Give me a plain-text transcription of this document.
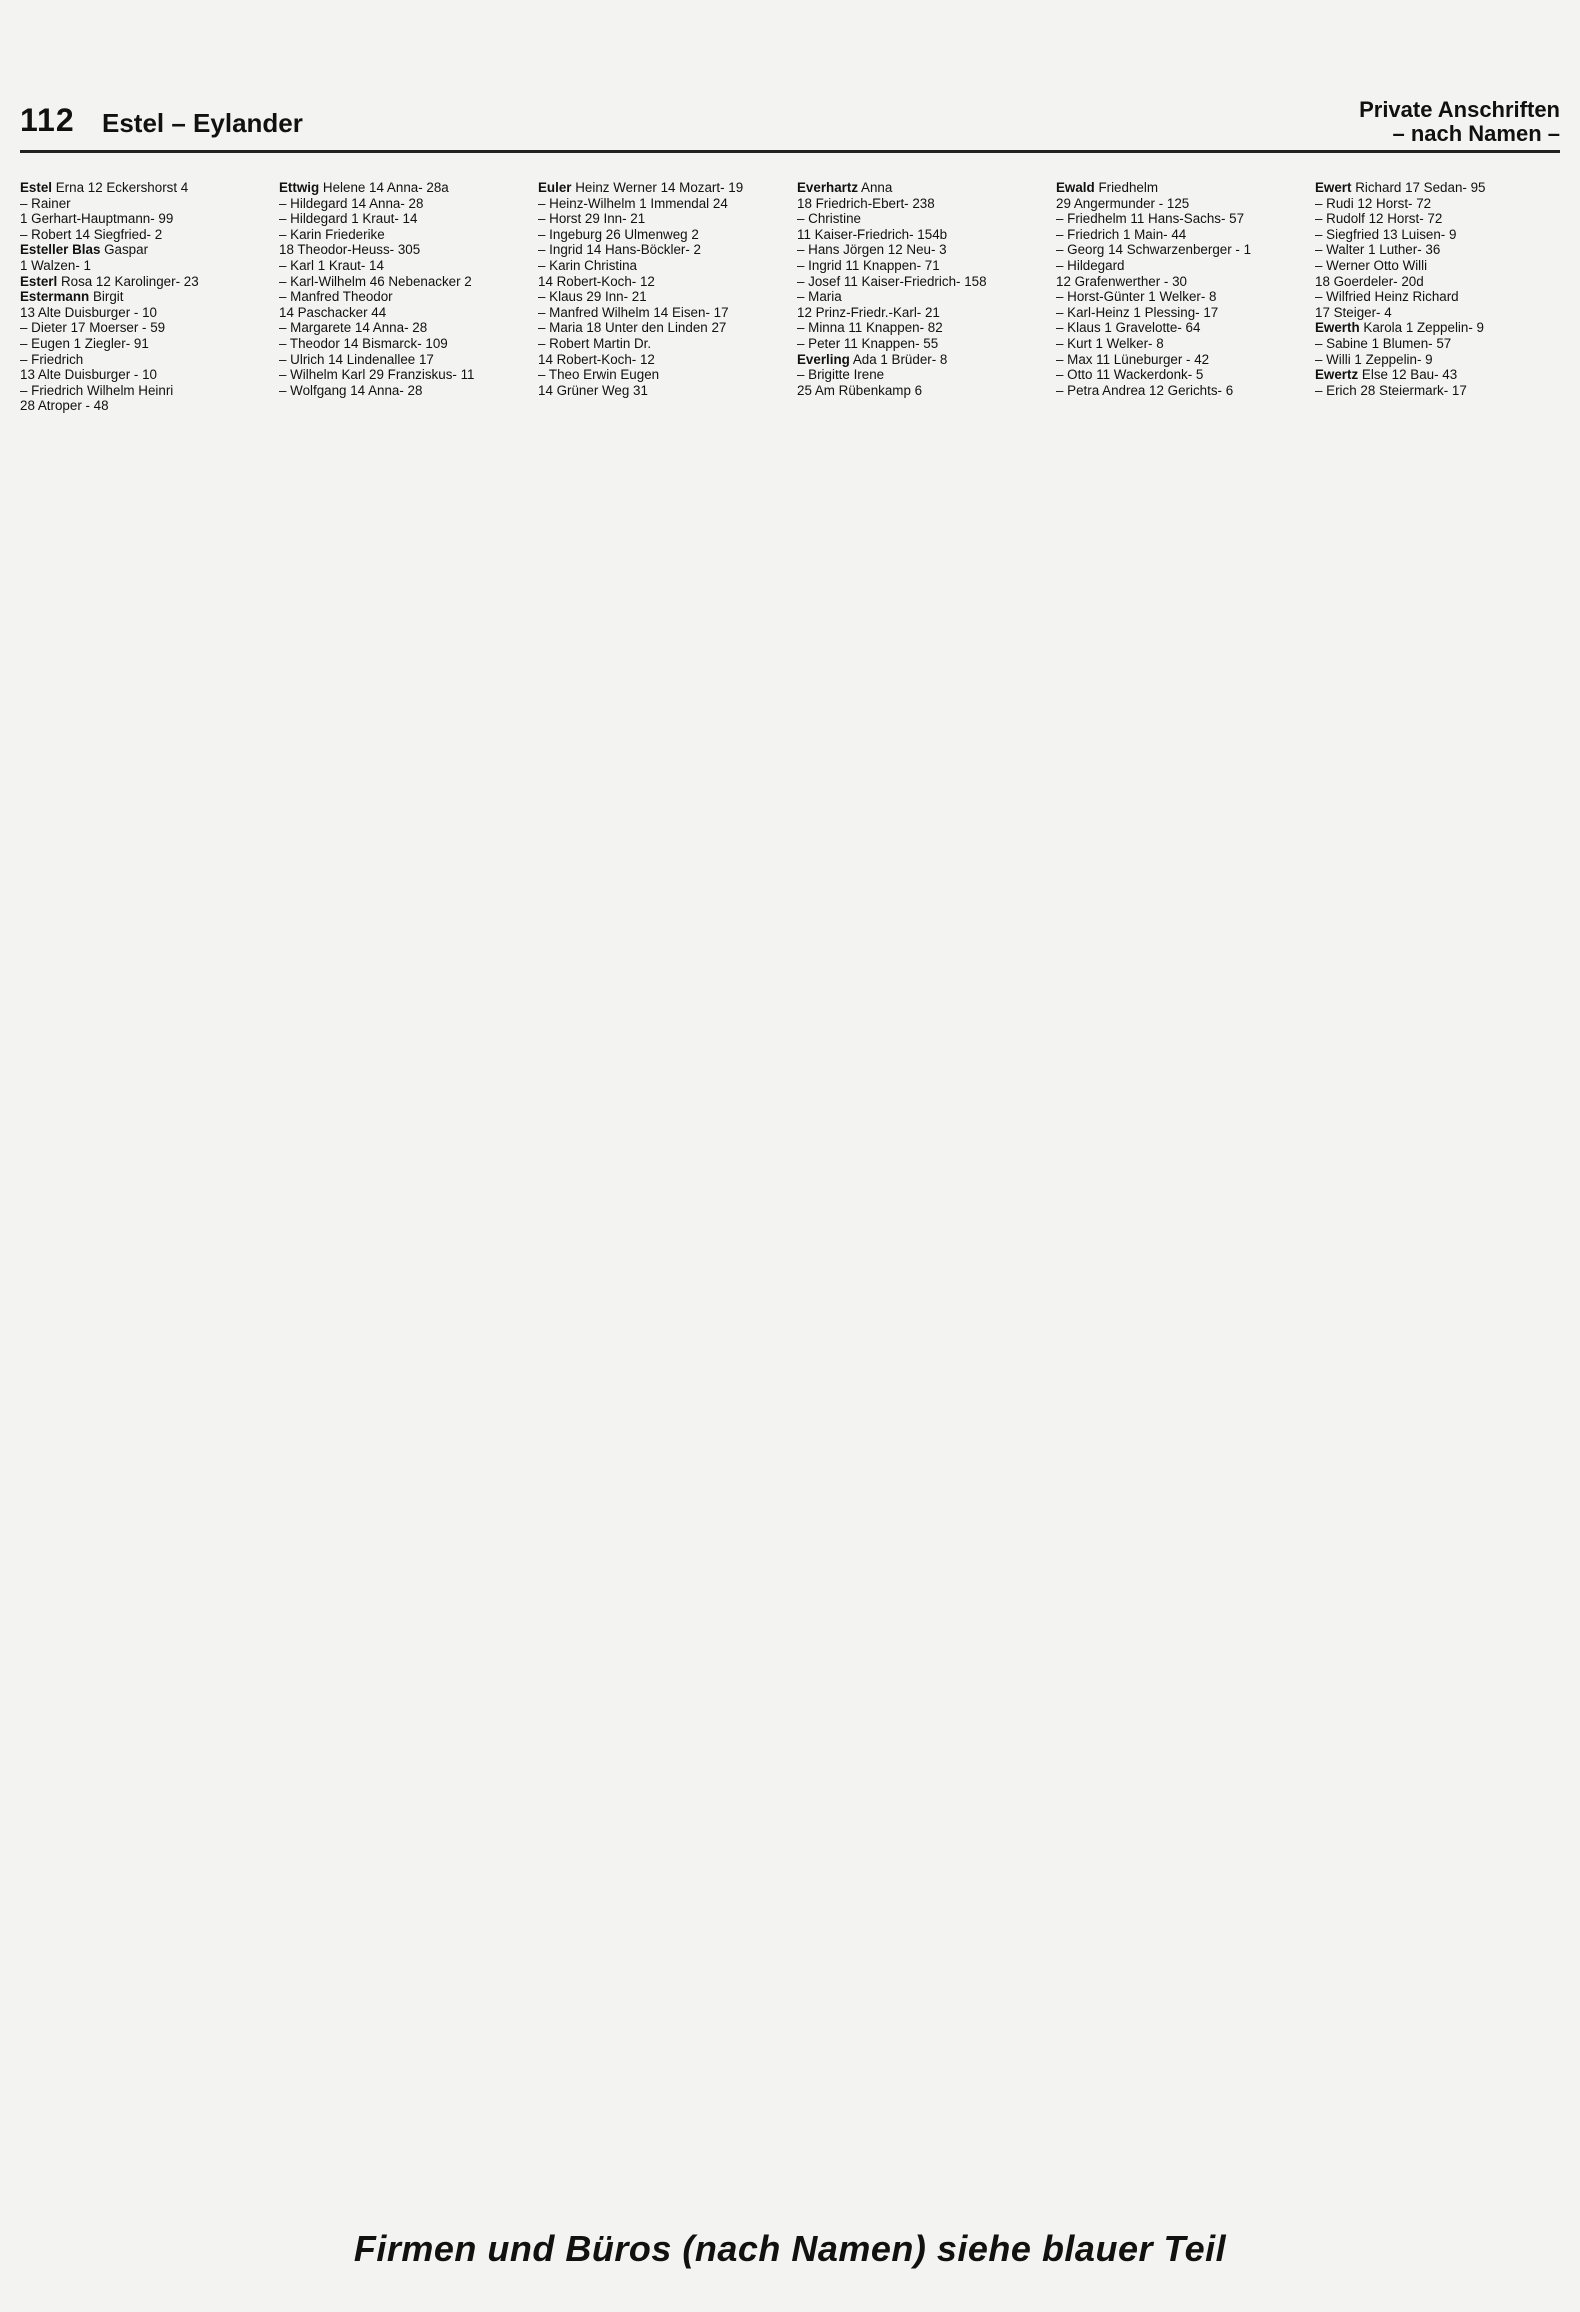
112 Estel – Eylander	Private Anschriften
– nach Namen –

Estel Erna 12 Eckershorst 4

– Rainer

1 Gerhart-Hauptmann- 99

– Robert 14 Siegfried- 2

Esteller Blas Gaspar

1 Walzen- 1

Esterl Rosa 12 Karolinger- 23

Estermann Birgit

13 Alte Duisburger - 10

– Dieter 17 Moerser - 59

– Eugen 1 Ziegler- 91

– Friedrich

13 Alte Duisburger - 10

– Friedrich Wilhelm Heinri

28 Atroper - 48

Ettwig Helene 14 Anna- 28a

– Hildegard 14 Anna- 28

– Hildegard 1 Kraut- 14

– Karin Friederike

18 Theodor-Heuss- 305

– Karl 1 Kraut- 14

– Karl-Wilhelm 46 Nebenacker 2

– Manfred Theodor

14 Paschacker 44

– Margarete 14 Anna- 28

– Theodor 14 Bismarck- 109

– Ulrich 14 Lindenallee 17

– Wilhelm Karl 29 Franziskus- 11

– Wolfgang 14 Anna- 28

Euler Heinz Werner 14 Mozart- 19

– Heinz-Wilhelm 1 Immendal 24

– Horst 29 Inn- 21

– Ingeburg 26 Ulmenweg 2

– Ingrid 14 Hans-Böckler- 2

– Karin Christina

14 Robert-Koch- 12

– Klaus 29 Inn- 21

– Manfred Wilhelm 14 Eisen- 17

– Maria 18 Unter den Linden 27

– Robert Martin Dr.

14 Robert-Koch- 12

– Theo Erwin Eugen

14 Grüner Weg 31

Everhartz Anna

18 Friedrich-Ebert- 238

– Christine

11 Kaiser-Friedrich- 154b

– Hans Jörgen 12 Neu- 3

– Ingrid 11 Knappen- 71

– Josef 11 Kaiser-Friedrich- 158

– Maria

12 Prinz-Friedr.-Karl- 21

– Minna 11 Knappen- 82

– Peter 11 Knappen- 55

Everling Ada 1 Brüder- 8

– Brigitte Irene

25 Am Rübenkamp 6

Ewald Friedhelm

29 Angermunder - 125

– Friedhelm 11 Hans-Sachs- 57

– Friedrich 1 Main- 44

– Georg 14 Schwarzenberger - 1

– Hildegard

12 Grafenwerther - 30

– Horst-Günter 1 Welker- 8

– Karl-Heinz 1 Plessing- 17

– Klaus 1 Gravelotte- 64

– Kurt 1 Welker- 8

– Max 11 Lüneburger - 42

– Otto 11 Wackerdonk- 5

– Petra Andrea 12 Gerichts- 6

Ewert Richard 17 Sedan- 95

– Rudi 12 Horst- 72

– Rudolf 12 Horst- 72

– Siegfried 13 Luisen- 9

– Walter 1 Luther- 36

– Werner Otto Willi

18 Goerdeler- 20d

– Wilfried Heinz Richard

17 Steiger- 4

Ewerth Karola 1 Zeppelin- 9

– Sabine 1 Blumen- 57

– Willi 1 Zeppelin- 9

Ewertz Else 12 Bau- 43

– Erich 28 Steiermark- 17

Firmen und Büros (nach Namen) siehe blauer Teil
